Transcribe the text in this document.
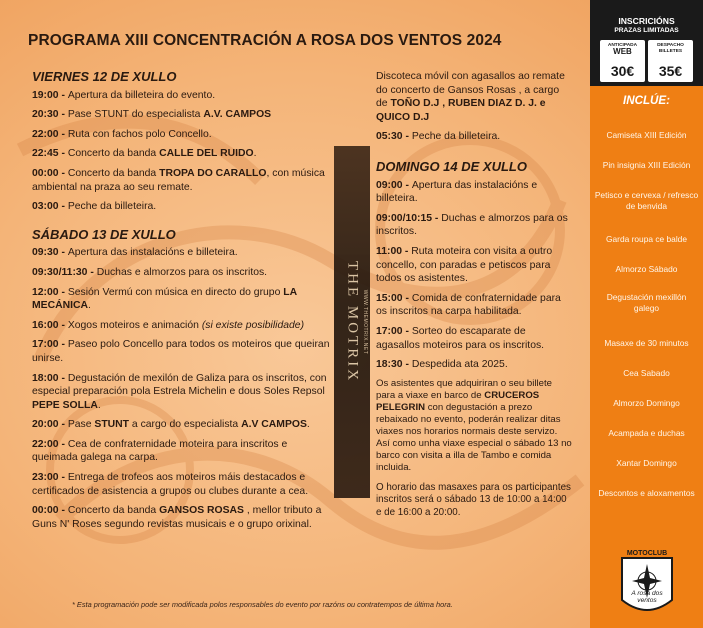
PROGRAMA XIII CONCENTRACIÓN A ROSA DOS VENTOS 2024
VIERNES 12 DE XULLO
19:00 - Apertura da billeteira do evento.
20:30 - Pase STUNT do especialista A.V. CAMPOS
22:00 - Ruta con fachos polo Concello.
22:45 - Concerto da banda CALLE DEL RUIDO.
00:00 - Concerto da banda TROPA DO CARALLO, con música ambiental na praza ao seu remate.
03:00 - Peche da billeteira.
SÁBADO 13 DE XULLO
09:30 - Apertura das instalacións e billeteira.
09:30/11:30 - Duchas e almorzos para os inscritos.
12:00 - Sesión Vermú con música en directo do grupo LA MECÁNICA.
16:00 - Xogos moteiros e animación (si existe posibilidade)
17:00 - Paseo polo Concello para todos os moteiros que queiran unirse.
18:00 - Degustación de mexilón de Galiza para os inscritos, con especial preparación pola Estrela Michelin e dous Soles Repsol PEPE SOLLA.
20:00 - Pase STUNT a cargo do especialista A.V CAMPOS.
22:00 - Cea de confraternidade moteira para inscritos e queimada galega na carpa.
23:00 - Entrega de trofeos aos moteiros máis destacados e certificados de asistencia a grupos ou clubes durante a cea.
00:00 - Concerto da banda GANSOS ROSAS , mellor tributo a Guns N' Roses segundo revistas musicais e o grupo orixinal.
Discoteca móvil con agasallos ao remate do concerto de Gansos Rosas , a cargo de TOÑO D.J , RUBEN DIAZ D. J. e QUICO D.J
05:30 - Peche da billeteira.
DOMINGO 14 DE XULLO
09:00 - Apertura das instalacións e billeteira.
09:00/10:15 - Duchas e almorzos para os inscritos.
11:00 - Ruta moteira con visita a outro concello, con paradas e petiscos para todos os asistentes.
15:00 - Comida de confraternidade para os inscritos na carpa habilitada.
17:00 - Sorteo do escaparate de agasallos moteiros para os inscritos.
18:30 - Despedida ata 2025.
Os asistentes que adquiriran o seu billete para a viaxe en barco de CRUCEROS PELEGRIN con degustación a prezo rebaixado no evento, poderán realizar ditas viaxes nos horarios normais deste servizo. Así como unha viaxe especial o sábado 13 no barco con visita a illa de Tambo e comida incluida.
O horario das masaxes para os participantes inscritos será o sábado 13 de 10:00 a 14:00 e de 16:00 a 20:00.
WWW.THEMOTRIX.NET
THE MOTRIX
* Esta programación pode ser modificada polos responsables do evento por razóns ou contratempos de última hora.
INSCRICIÓNS
PRAZAS LIMITADAS
ANTICIPADA
WEB
30€
DESPACHO
BILLETES
35€
INCLÚE:
Camiseta XIII Edición
Pin insignia XIII Edición
Petisco e cervexa / refresco de benvida
Garda roupa ce balde
Almorzo Sábado
Degustación mexillón galego
Masaxe de 30 minutos
Cea Sabado
Almorzo Domingo
Acampada e duchas
Xantar Domingo
Descontos e aloxamentos
MOTOCLUB
A rosa dos ventos
